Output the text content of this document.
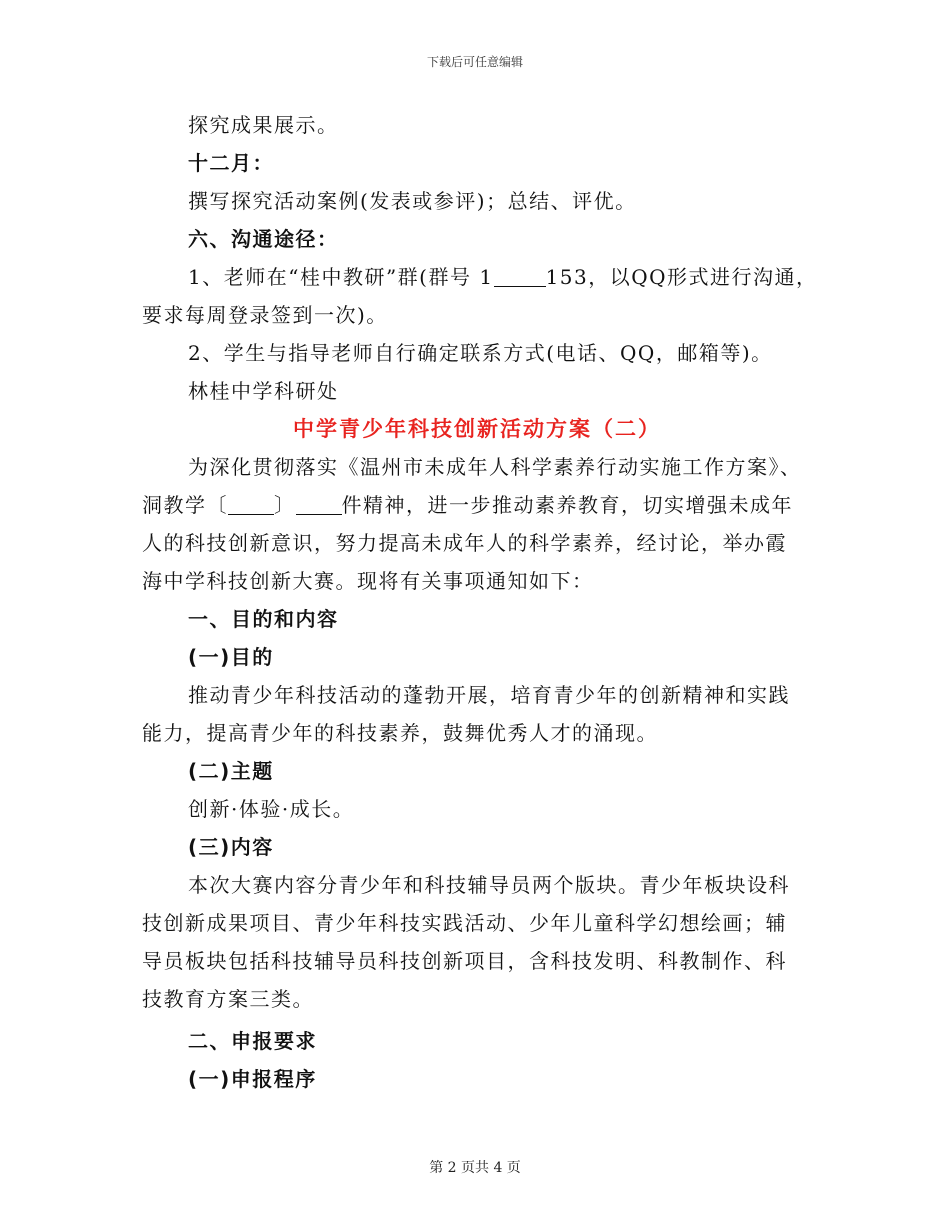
下载后可任意编辑

探究成果展示。

十二月：

撰写探究活动案例(发表或参评)；总结、评优。

六、沟通途径：

1、老师在“桂中教研”群(群号 1	153，以QQ形式进行沟通，

要求每周登录签到一次)。

2、学生与指导老师自行确定联系方式(电话、QQ，邮箱等)。

林桂中学科研处

中学青少年科技创新活动方案（二）

为深化贯彻落实《温州市未成年人科学素养行动实施工作方案》、

洞教学〔 〕 件精神，进一步推动素养教育，切实增强未成年

人的科技创新意识，努力提高未成年人的科学素养，经讨论，举办霞

海中学科技创新大赛。现将有关事项通知如下：

一、目的和内容

(一)目的

推动青少年科技活动的蓬勃开展，培育青少年的创新精神和实践

能力，提高青少年的科技素养，鼓舞优秀人才的涌现。

(二)主题

创新·体验·成长。

(三)内容

本次大赛内容分青少年和科技辅导员两个版块。青少年板块设科

技创新成果项目、青少年科技实践活动、少年儿童科学幻想绘画；辅

导员板块包括科技辅导员科技创新项目，含科技发明、科教制作、科

技教育方案三类。

二、申报要求

(一)申报程序

第 2 页共 4 页
